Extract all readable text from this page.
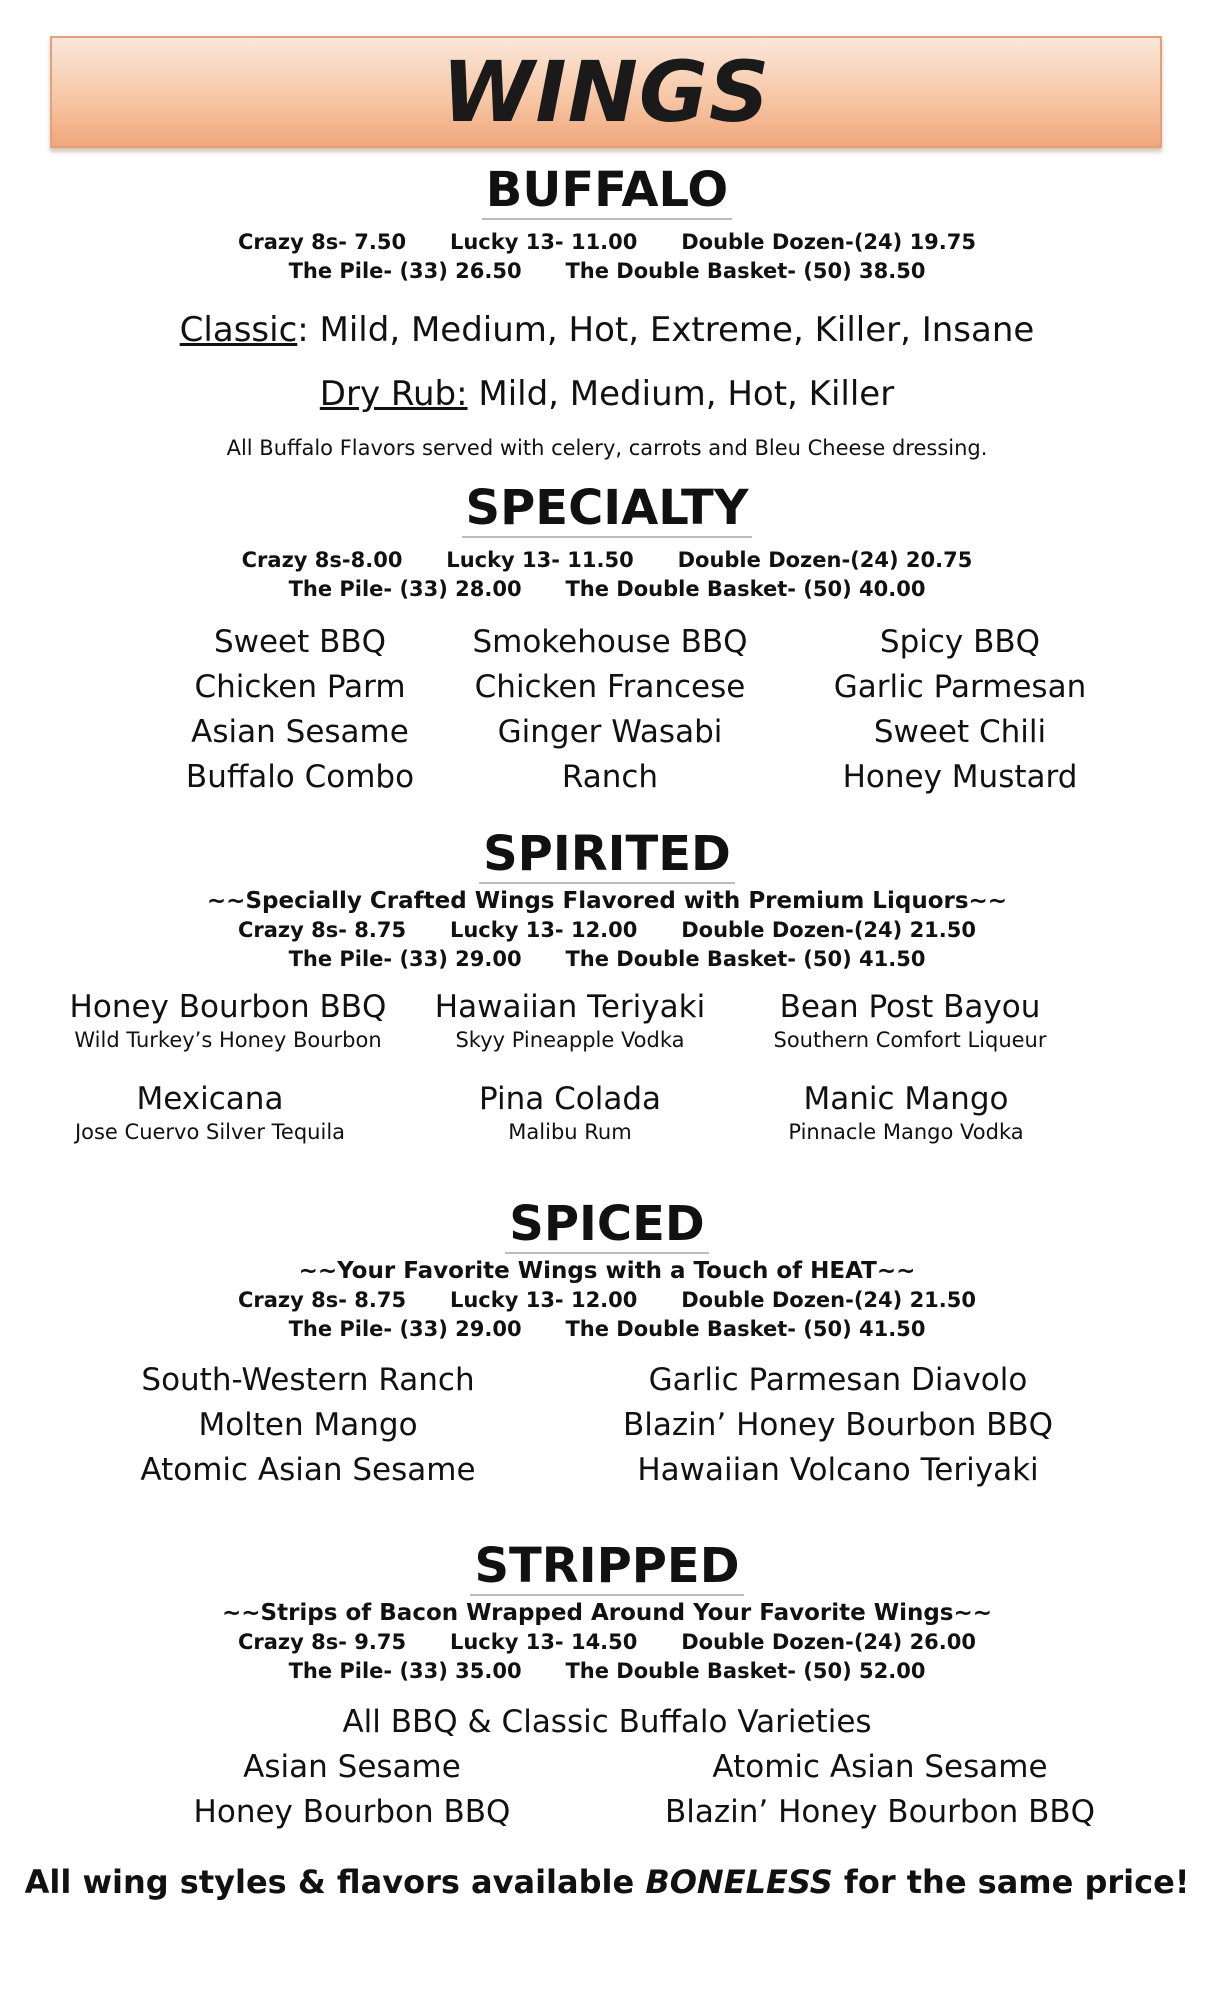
WINGS
BUFFALO
Crazy 8s- 7.50      Lucky 13- 11.00      Double Dozen-(24) 19.75
The Pile- (33) 26.50      The Double Basket- (50) 38.50
Classic: Mild, Medium, Hot, Extreme, Killer, Insane
Dry Rub: Mild, Medium, Hot, Killer
All Buffalo Flavors served with celery, carrots and Bleu Cheese dressing.
SPECIALTY
Crazy 8s-8.00      Lucky 13- 11.50      Double Dozen-(24) 20.75
The Pile- (33) 28.00      The Double Basket- (50) 40.00
Sweet BBQ
Chicken Parm
Asian Sesame
Buffalo Combo
Smokehouse BBQ
Chicken Francese
Ginger Wasabi
Ranch
Spicy BBQ
Garlic Parmesan
Sweet Chili
Honey Mustard
SPIRITED
~~Specially Crafted Wings Flavored with Premium Liquors~~
Crazy 8s- 8.75      Lucky 13- 12.00      Double Dozen-(24) 21.50
The Pile- (33) 29.00      The Double Basket- (50) 41.50
Honey Bourbon BBQ
Wild Turkey’s Honey Bourbon
Hawaiian Teriyaki
Skyy Pineapple Vodka
Bean Post Bayou
Southern Comfort Liqueur
Mexicana
Jose Cuervo Silver Tequila
Pina Colada
Malibu Rum
Manic Mango
Pinnacle Mango Vodka
SPICED
~~Your Favorite Wings with a Touch of HEAT~~
Crazy 8s- 8.75      Lucky 13- 12.00      Double Dozen-(24) 21.50
The Pile- (33) 29.00      The Double Basket- (50) 41.50
South-Western Ranch
Molten Mango
Atomic Asian Sesame
Garlic Parmesan Diavolo
Blazin’ Honey Bourbon BBQ
Hawaiian Volcano Teriyaki
STRIPPED
~~Strips of Bacon Wrapped Around Your Favorite Wings~~
Crazy 8s- 9.75      Lucky 13- 14.50      Double Dozen-(24) 26.00
The Pile- (33) 35.00      The Double Basket- (50) 52.00
All BBQ & Classic Buffalo Varieties
Asian Sesame
Honey Bourbon BBQ
Atomic Asian Sesame
Blazin’ Honey Bourbon BBQ
All wing styles & flavors available BONELESS for the same price!
